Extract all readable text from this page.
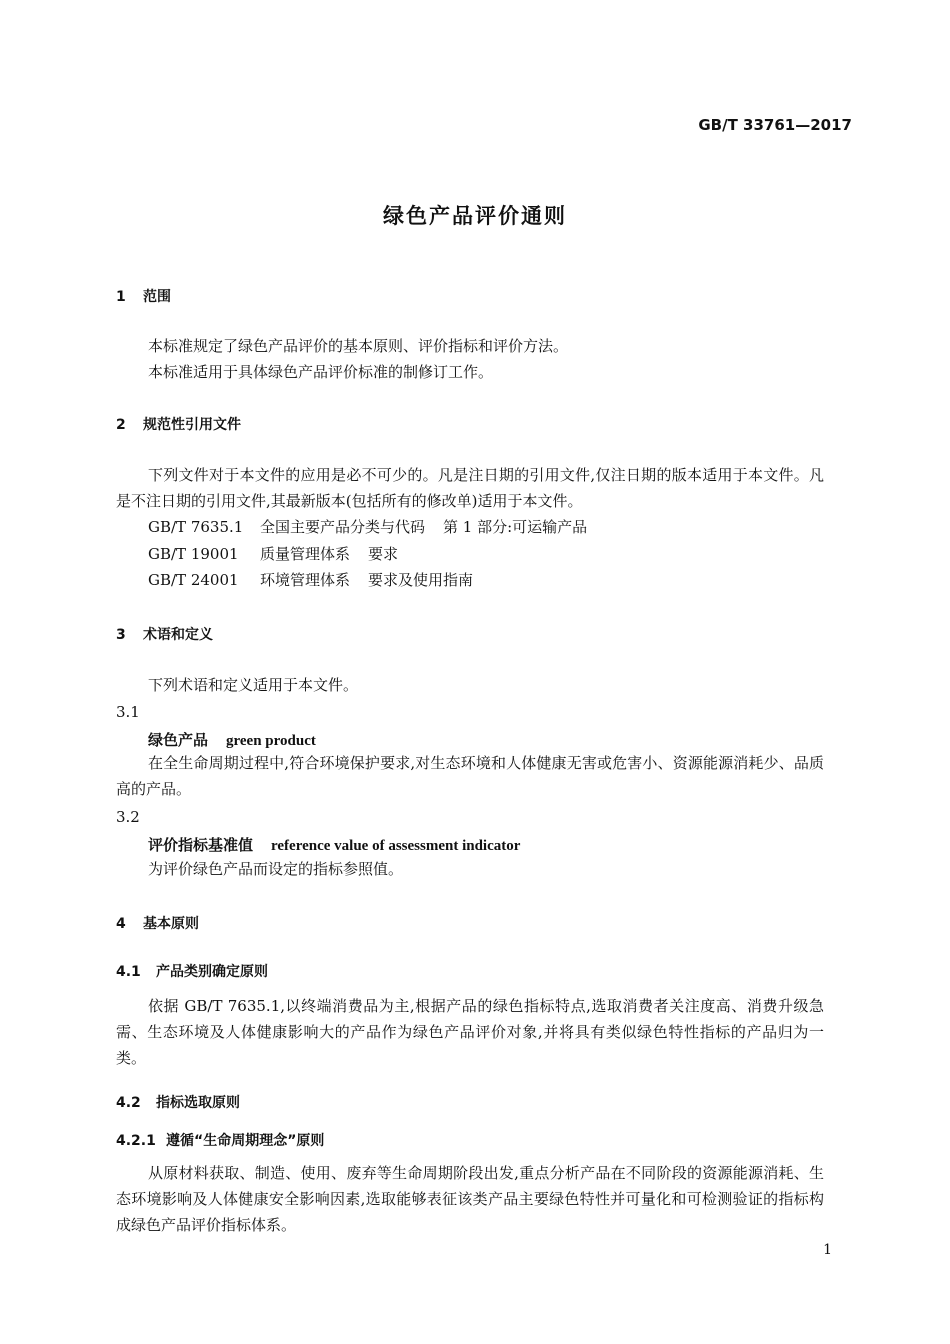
GB/T 33761—2017
绿色产品评价通则
1 范围
本标准规定了绿色产品评价的基本原则、评价指标和评价方法。
本标准适用于具体绿色产品评价标准的制修订工作。
2 规范性引用文件
下列文件对于本文件的应用是必不可少的。凡是注日期的引用文件,仅注日期的版本适用于本文件。凡是不注日期的引用文件,其最新版本(包括所有的修改单)适用于本文件。
GB/T 7635.1 全国主要产品分类与代码 第 1 部分:可运输产品
GB/T 19001 质量管理体系 要求
GB/T 24001 环境管理体系 要求及使用指南
3 术语和定义
下列术语和定义适用于本文件。
3.1
绿色产品 green product
在全生命周期过程中,符合环境保护要求,对生态环境和人体健康无害或危害小、资源能源消耗少、品质高的产品。
3.2
评价指标基准值 reference value of assessment indicator
为评价绿色产品而设定的指标参照值。
4 基本原则
4.1 产品类别确定原则
依据 GB/T 7635.1,以终端消费品为主,根据产品的绿色指标特点,选取消费者关注度高、消费升级急需、生态环境及人体健康影响大的产品作为绿色产品评价对象,并将具有类似绿色特性指标的产品归为一类。
4.2 指标选取原则
4.2.1 遵循“生命周期理念”原则
从原材料获取、制造、使用、废弃等生命周期阶段出发,重点分析产品在不同阶段的资源能源消耗、生态环境影响及人体健康安全影响因素,选取能够表征该类产品主要绿色特性并可量化和可检测验证的指标构成绿色产品评价指标体系。
1
